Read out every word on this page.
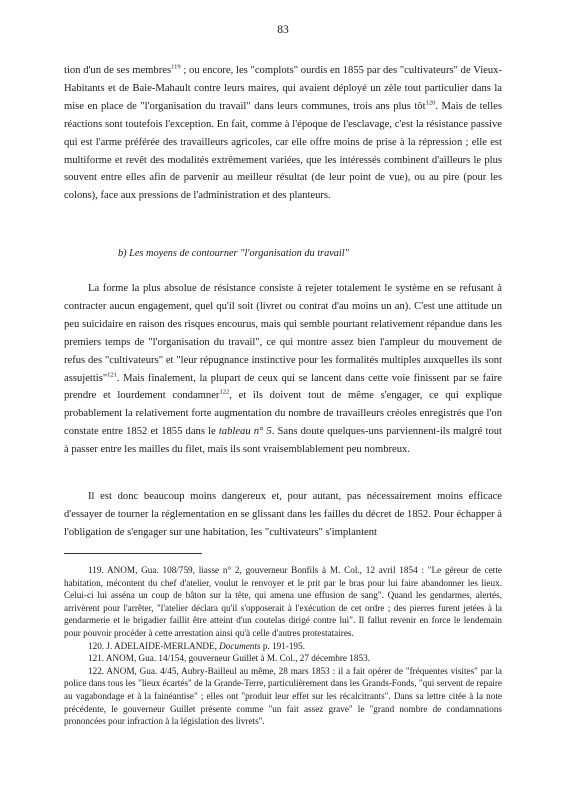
83

tion d'un de ses membres$^{119}$ ; ou encore, les "complots" ourdis en 1855 par des "cultivateurs" de Vieux-Habitants et de Baie-Mahault contre leurs maires, qui avaient déployé un zèle tout particulier dans la mise en place de "l'organisation du travail" dans leurs communes, trois ans plus tôt$^{120}$. Mais de telles réactions sont toutefois l'exception. En fait, comme à l'époque de l'esclavage, c'est la résistance passive qui est l'arme préférée des travailleurs agricoles, car elle offre moins de prise à la répression ; elle est multiforme et revêt des modalités extrêmement variées, que les intéressés combinent d'ailleurs le plus souvent entre elles afin de parvenir au meilleur résultat (de leur point de vue), ou au pire (pour les colons), face aux pressions de l'administration et des planteurs.

b) Les moyens de contourner "l'organisation du travail"

La forme la plus absolue de résistance consiste à rejeter totalement le système en se refusant à contracter aucun engagement, quel qu'il soit (livret ou contrat d'au moins un an). C'est une attitude un peu suicidaire en raison des risques encourus, mais qui semble pourtant relativement répandue dans les premiers temps de "l'organisation du travail", ce qui montre assez bien l'ampleur du mouvement de refus des "cultivateurs" et "leur répugnance instinctive pour les formalités multiples auxquelles ils sont assujettis"$^{121}$. Mais finalement, la plupart de ceux qui se lancent dans cette voie finissent par se faire prendre et lourdement condamner$^{122}$, et ils doivent tout de même s'engager, ce qui explique probablement la relativement forte augmentation du nombre de travailleurs créoles enregistrés que l'on constate entre 1852 et 1855 dans le tableau n° 5. Sans doute quelques-uns parviennent-ils malgré tout à passer entre les mailles du filet, mais ils sont vraisemblablement peu nombreux.

Il est donc beaucoup moins dangereux et, pour autant, pas nécessairement moins efficace d'essayer de tourner la réglementation en se glissant dans les failles du décret de 1852. Pour échapper à l'obligation de s'engager sur une habitation, les "cultivateurs" s'implantent

119. ANOM, Gua. 108/759, liasse n° 2, gouverneur Bonfils à M. Col., 12 avril 1854 : "Le géreur de cette habitation, mécontent du chef d'atelier, voulut le renvoyer et le prit par le bras pour lui faire abandonner les lieux. Celui-ci lui asséna un coup de bâton sur la tête, qui amena une effusion de sang". Quand les gendarmes, alertés, arrivèrent pour l'arrêter, "l'atelier déclara qu'il s'opposerait à l'exécution de cet ordre ; des pierres furent jetées à la gendarmerie et le brigadier faillit être atteint d'un coutelas dirigé contre lui". Il fallut revenir en force le lendemain pour pouvoir procéder à cette arrestation ainsi qu'à celle d'autres protestataires.

120. J. ADELAIDE-MERLANDE, Documents p. 191-195.

121. ANOM, Gua. 14/154, gouverneur Guillet à M. Col., 27 décembre 1853.

122. ANOM, Gua. 4/45, Aubry-Bailleul au même, 28 mars 1853 : il a fait opérer de "fréquentes visites" par la police dans tous les "lieux écartés" de la Grande-Terre, particulièrement dans les Grands-Fonds, "qui servent de repaire au vagabondage et à la fainéantise" ; elles ont "produit leur effet sur les récalcitrants". Dans sa lettre citée à la note précédente, le gouverneur Guillet présente comme "un fait assez grave" le "grand nombre de condamnations prononcées pour infraction à la législation des livrets".
